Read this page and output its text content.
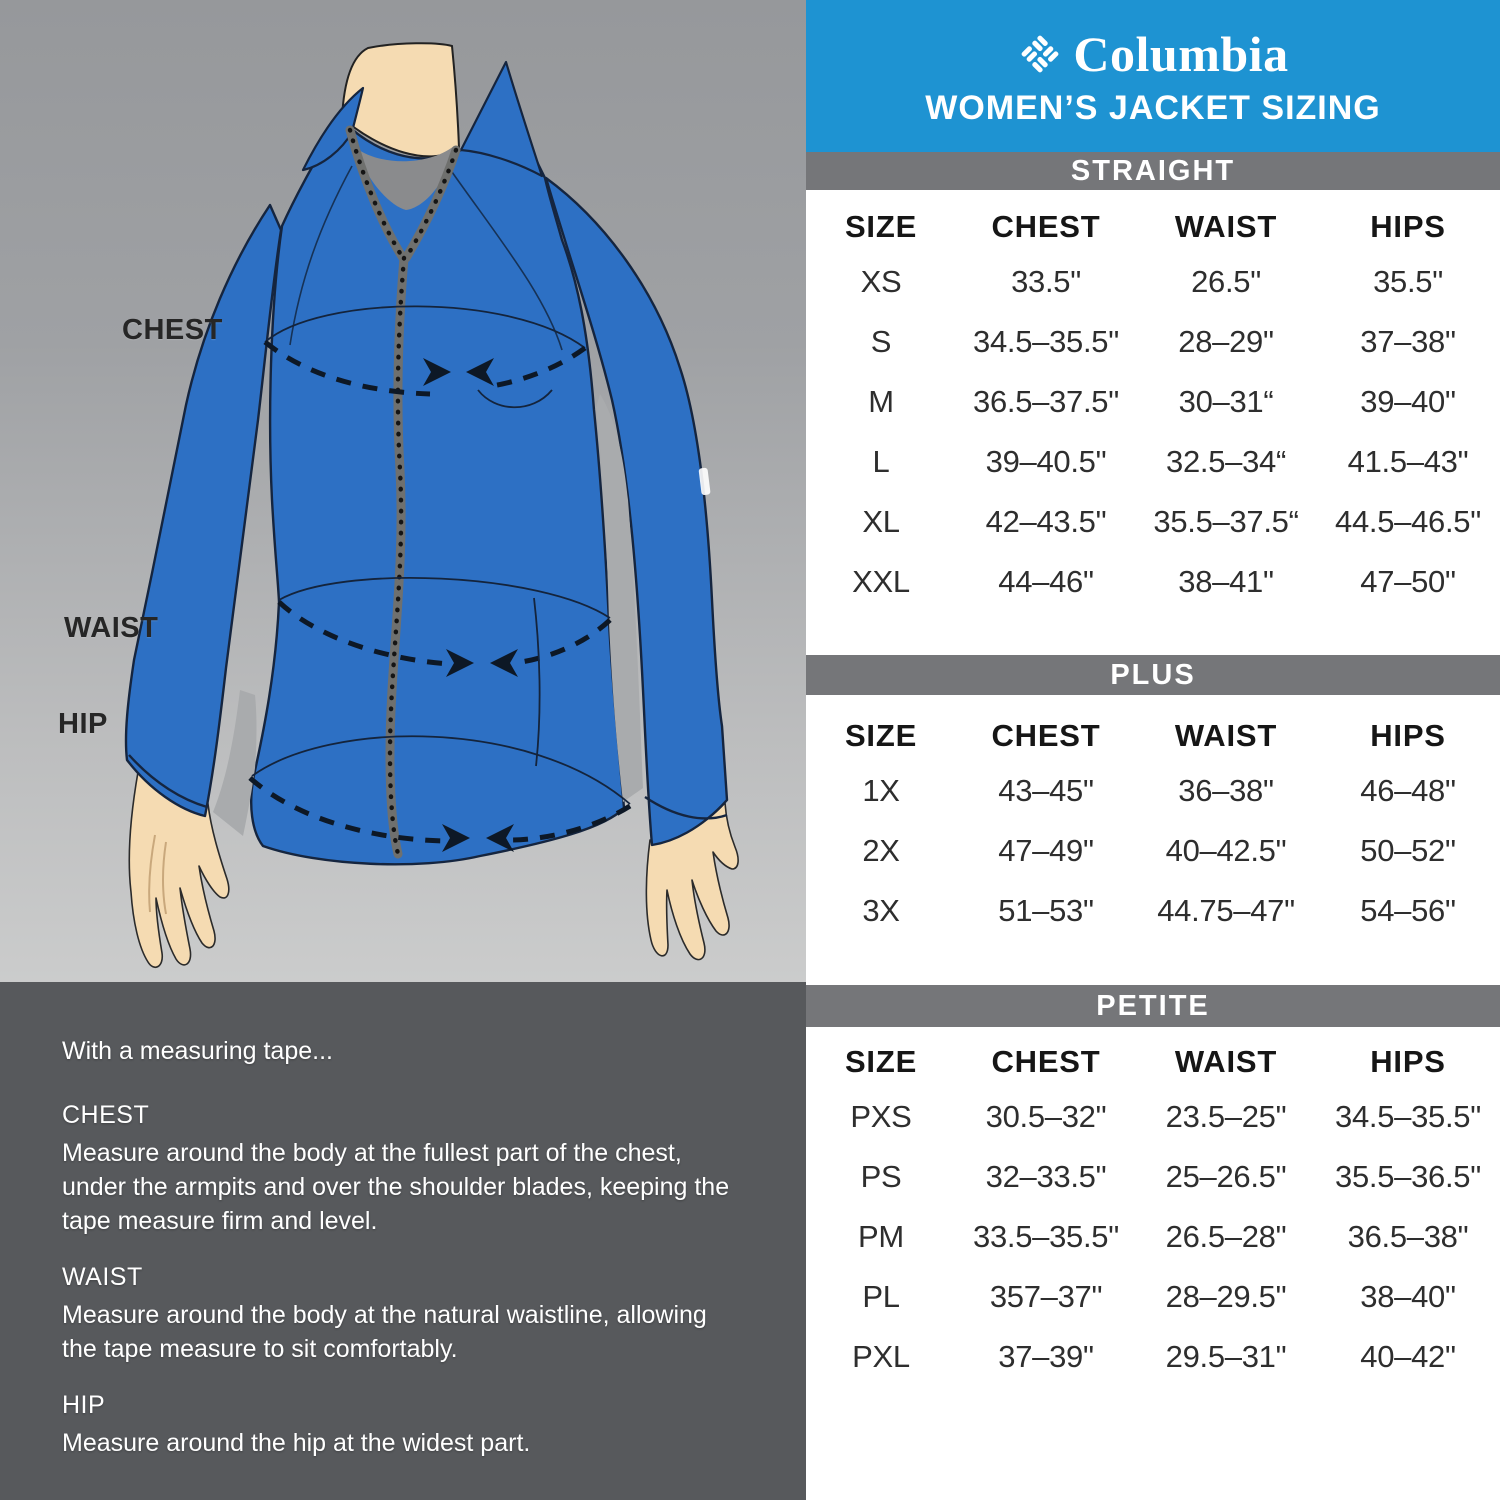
CHEST
WAIST
HIP

With a measuring tape...

CHEST

Measure around the body at the fullest part of the chest, under the armpits and over the shoulder blades, keeping the tape measure firm and level.

WAIST

Measure around the body at the natural waistline, allowing the tape measure to sit comfortably.

HIP

Measure around the hip at the widest part.

Columbia
WOMEN’S JACKET SIZING
STRAIGHT
SIZE	CHEST	WAIST	HIPS
XS	33.5"	26.5"	35.5"
S	34.5–35.5"	28–29"	37–38"
M	36.5–37.5"	30–31“	39–40"
L	39–40.5"	32.5–34“	41.5–43"
XL	42–43.5"	35.5–37.5“	44.5–46.5"
XXL	44–46"	38–41"	47–50"
PLUS
SIZE	CHEST	WAIST	HIPS
1X	43–45"	36–38"	46–48"
2X	47–49"	40–42.5"	50–52"
3X	51–53"	44.75–47"	54–56"
PETITE
SIZE	CHEST	WAIST	HIPS
PXS	30.5–32"	23.5–25"	34.5–35.5"
PS	32–33.5"	25–26.5"	35.5–36.5"
PM	33.5–35.5"	26.5–28"	36.5–38"
PL	357–37"	28–29.5"	38–40"
PXL	37–39"	29.5–31"	40–42"
